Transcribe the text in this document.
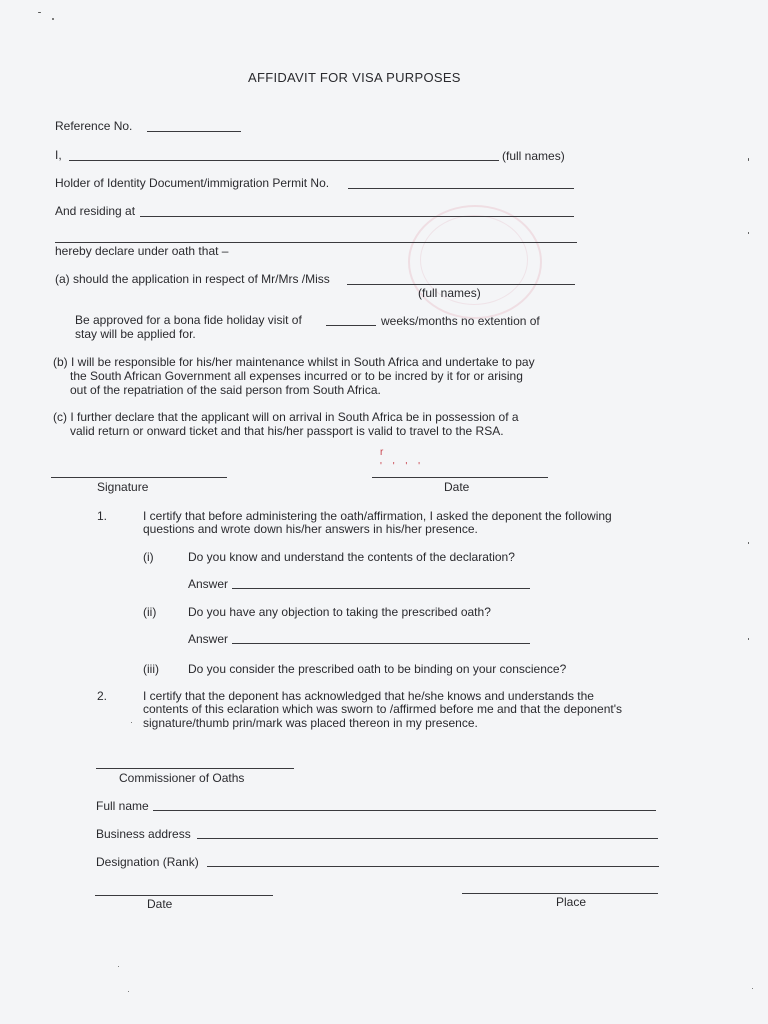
AFFIDAVIT FOR VISA PURPOSES
Reference No.
I,	(full names)
Holder of Identity Document/immigration Permit No.
And residing at
hereby declare under oath that –
(a) should the application in respect of Mr/Mrs /Miss
(full names)
Be approved for a bona fide holiday visit of	weeks/months no extention of
stay will be applied for.
(b) I will be responsible for his/her maintenance whilst in South Africa and undertake to pay
the South African Government all expenses incurred or to be incred by it for or arising
out of the repatriation of the said person from South Africa.
(c) I further declare that the applicant will on arrival in South Africa be in possession of a
valid return or onward ticket and that his/her passport is valid to travel to the RSA.
r
' ' ' '
Signature	Date
1.	I certify that before administering the oath/affirmation, I asked the deponent the following
questions and wrote down his/her answers in his/her presence.
(i)	Do you know and understand the contents of the declaration?
Answer
(ii)	Do you have any objection to taking the prescribed oath?
Answer
(iii) Do you consider the prescribed oath to be binding on your conscience?
2.	I certify that the deponent has acknowledged that he/she knows and understands the
contents of this eclaration which was sworn to /affirmed before me and that the deponent's
signature/thumb prin/mark was placed thereon in my presence.
Commissioner of Oaths
Full name
Business address
Designation (Rank)
Date	Place
